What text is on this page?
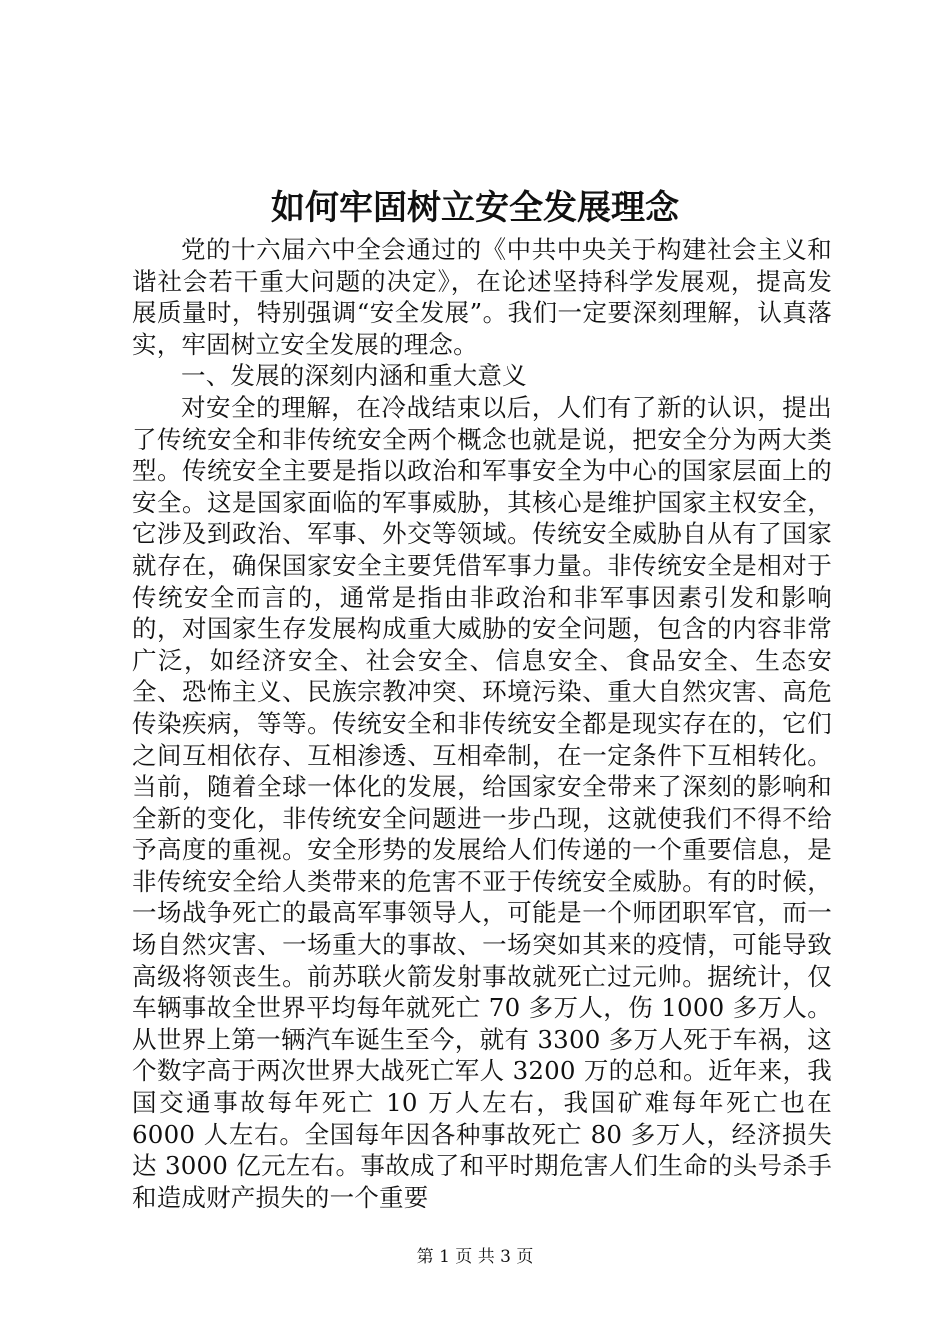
如何牢固树立安全发展理念

党的十六届六中全会通过的《中共中央关于构建社会主义和谐社会若干重大问题的决定》，在论述坚持科学发展观，提高发展质量时，特别强调“安全发展”。我们一定要深刻理解，认真落实，牢固树立安全发展的理念。

一、发展的深刻内涵和重大意义

对安全的理解，在冷战结束以后，人们有了新的认识，提出了传统安全和非传统安全两个概念也就是说，把安全分为两大类型。传统安全主要是指以政治和军事安全为中心的国家层面上的安全。这是国家面临的军事威胁，其核心是维护国家主权安全，它涉及到政治、军事、外交等领域。传统安全威胁自从有了国家就存在，确保国家安全主要凭借军事力量。非传统安全是相对于传统安全而言的，通常是指由非政治和非军事因素引发和影响的，对国家生存发展构成重大威胁的安全问题，包含的内容非常广泛，如经济安全、社会安全、信息安全、食品安全、生态安全、恐怖主义、民族宗教冲突、环境污染、重大自然灾害、高危传染疾病，等等。传统安全和非传统安全都是现实存在的，它们之间互相依存、互相渗透、互相牵制，在一定条件下互相转化。当前，随着全球一体化的发展，给国家安全带来了深刻的影响和全新的变化，非传统安全问题进一步凸现，这就使我们不得不给予高度的重视。安全形势的发展给人们传递的一个重要信息，是非传统安全给人类带来的危害不亚于传统安全威胁。有的时候，一场战争死亡的最高军事领导人，可能是一个师团职军官，而一场自然灾害、一场重大的事故、一场突如其来的疫情，可能导致高级将领丧生。前苏联火箭发射事故就死亡过元帅。据统计，仅车辆事故全世界平均每年就死亡 70 多万人，伤 1000 多万人。从世界上第一辆汽车诞生至今，就有 3300 多万人死于车祸，这个数字高于两次世界大战死亡军人 3200 万的总和。近年来，我国交通事故每年死亡 10 万人左右，我国矿难每年死亡也在 6000 人左右。全国每年因各种事故死亡 80 多万人，经济损失达 3000 亿元左右。事故成了和平时期危害人们生命的头号杀手和造成财产损失的一个重要

第 1 页 共 3 页
